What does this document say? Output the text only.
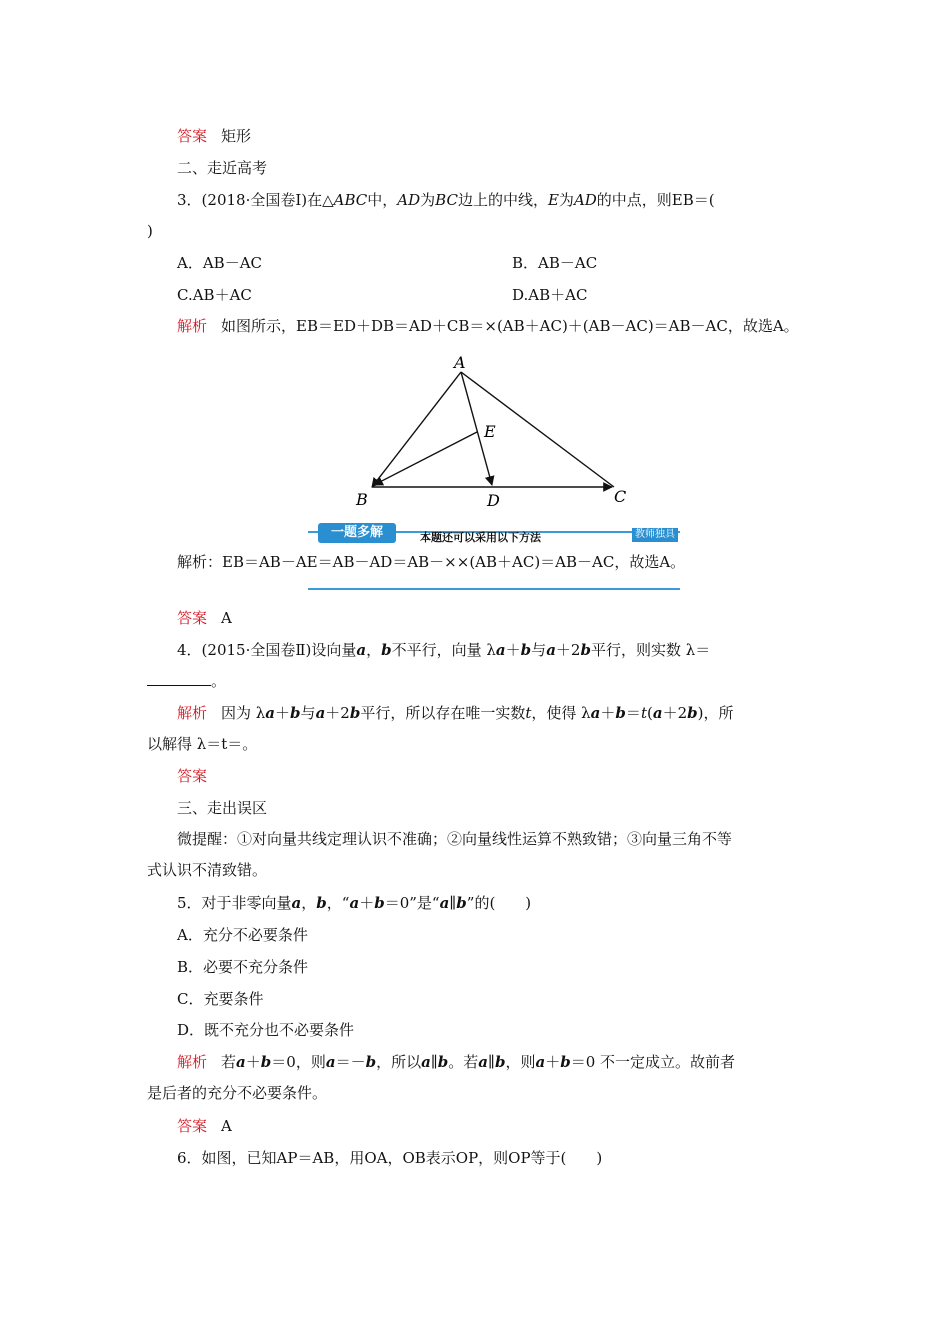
答案 矩形
二、走近高考
3．(2018·全国卷Ⅰ)在△ABC中，AD为BC边上的中线，E为AD的中点，则EB＝(
)
A．AB－AC	B．AB－AC
C.AB＋AC	D.AB＋AC
解析 如图所示，EB＝ED＋DB＝AD＋CB＝×(AB＋AC)＋(AB－AC)＝AB－AC，故选A。
A
B	C
D
E
一题多解	本题还可以采用以下方法	教师独具
解析：EB＝AB－AE＝AB－AD＝AB－××(AB＋AC)＝AB－AC，故选A。
答案 A
4．(2015·全国卷Ⅱ)设向量a，b不平行，向量 λa＋b与a＋2b平行，则实数 λ＝
。
解析 因为 λa＋b与a＋2b平行，所以存在唯一实数t，使得 λa＋b＝t(a＋2b)，所
以解得 λ＝t＝。
答案
三、走出误区
微提醒：①对向量共线定理认识不准确；②向量线性运算不熟致错；③向量三角不等
式认识不清致错。
5．对于非零向量a，b，“a＋b＝0”是“a∥b”的(　　)
A．充分不必要条件
B．必要不充分条件
C．充要条件
D．既不充分也不必要条件
解析 若a＋b＝0，则a＝－b，所以a∥b。若a∥b，则a＋b＝0 不一定成立。故前者
是后者的充分不必要条件。
答案 A
6．如图，已知AP＝AB，用OA，OB表示OP，则OP等于(　　)
